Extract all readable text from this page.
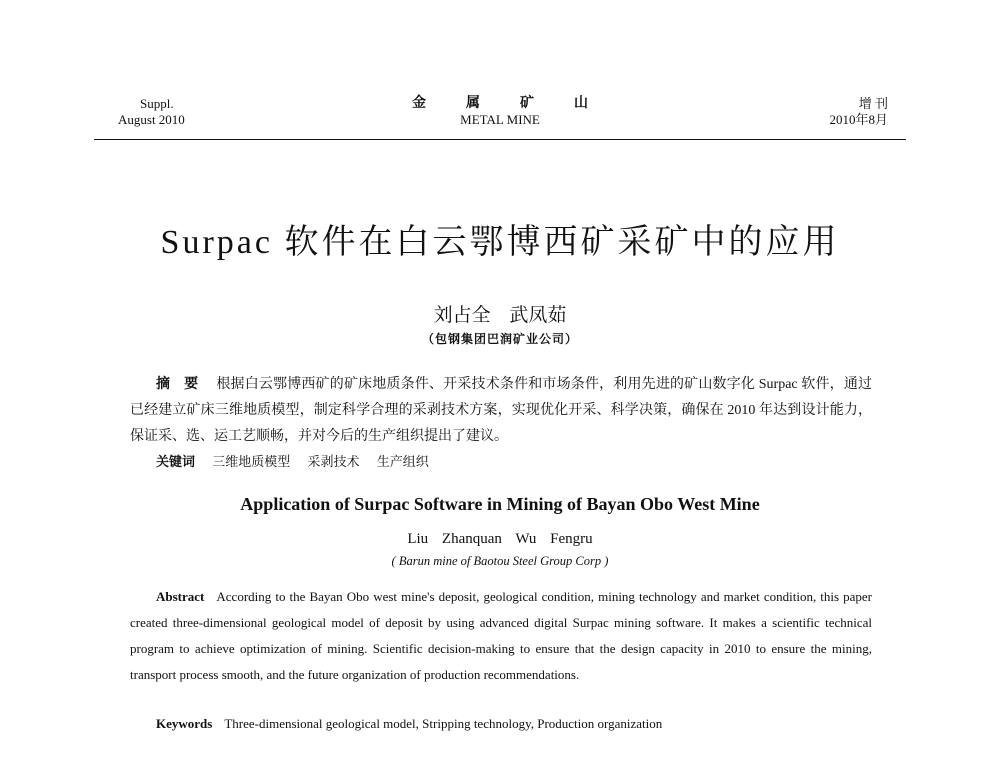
Suppl.
August 2010
金属矿山
METAL MINE
增 刊
2010年8月
Surpac 软件在白云鄂博西矿采矿中的应用
刘占全 武凤茹
（包钢集团巴润矿业公司）
摘要 根据白云鄂博西矿的矿床地质条件、开采技术条件和市场条件，利用先进的矿山数字化 Surpac 软件，通过已经建立矿床三维地质模型，制定科学合理的采剥技术方案，实现优化开采、科学决策，确保在 2010 年达到设计能力，保证采、选、运工艺顺畅，并对今后的生产组织提出了建议。
关键词 三维地质模型 采剥技术 生产组织
Application of Surpac Software in Mining of Bayan Obo West Mine
Liu Zhanquan Wu Fengru
( Barun mine of Baotou Steel Group Corp )
Abstract According to the Bayan Obo west mine's deposit, geological condition, mining technology and market condition, this paper created three-dimensional geological model of deposit by using advanced digital Surpac mining software. It makes a scientific technical program to achieve optimization of mining. Scientific decision-making to ensure that the design capacity in 2010 to ensure the mining, transport process smooth, and the future organization of production recommendations.
Keywords Three-dimensional geological model, Stripping technology, Production organization
